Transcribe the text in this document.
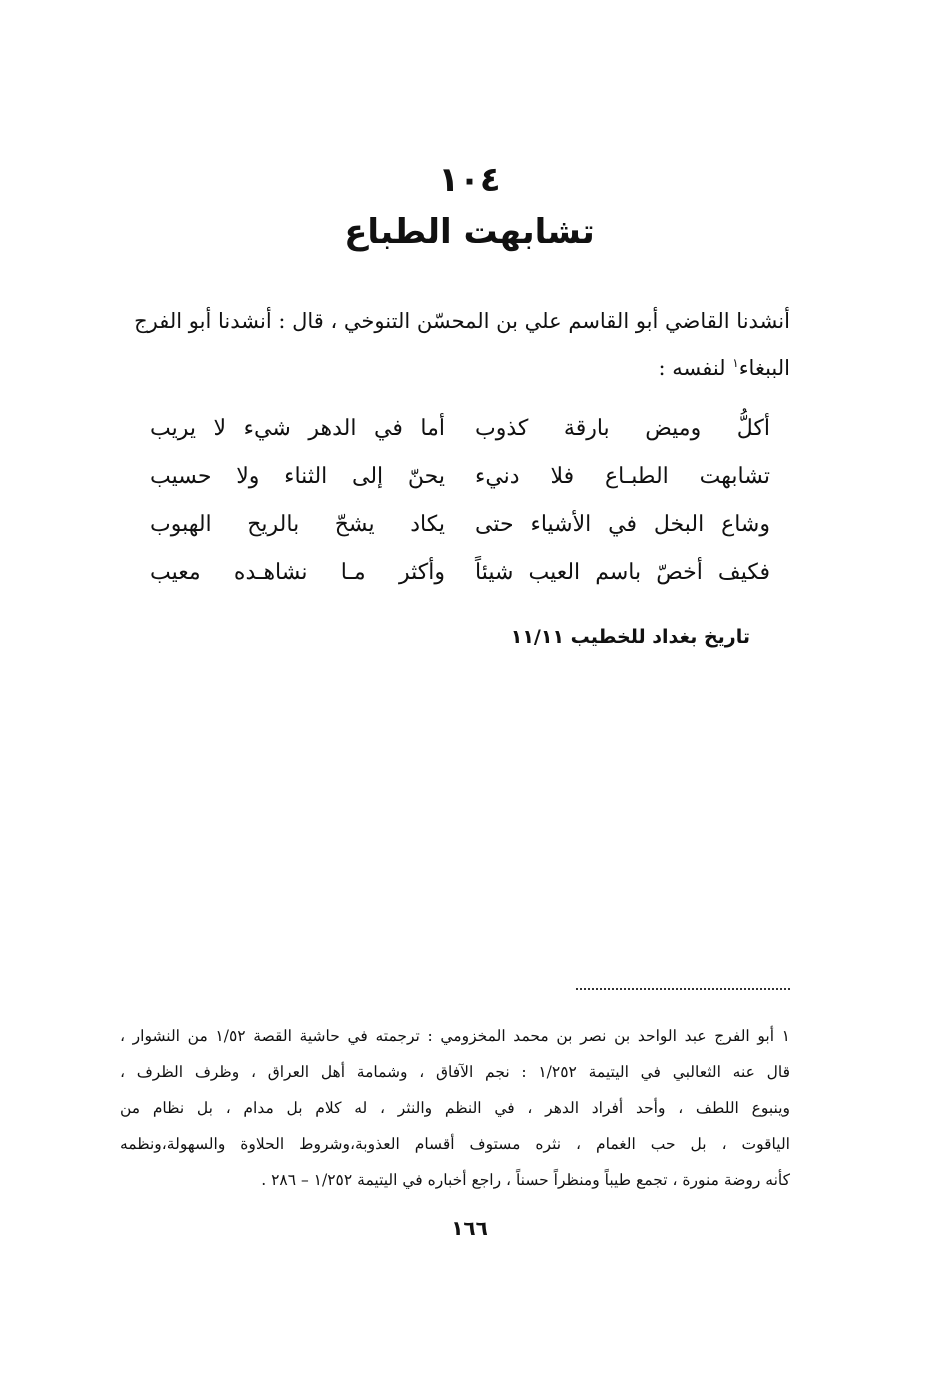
١٠٤
تشابهت الطباع
أنشدنا القاضي أبو القاسم علي بن المحسّن التنوخي ، قال : أنشدنا أبو الفرج الببغاء$^١$ لنفسه :
أكلُّ وميض بارقة كذوب
أما في الدهر شيء لا يريب
تشابهت الطبـاع فلا دنيء
يحنّ إلى الثناء ولا حسيب
وشاع البخل في الأشياء حتى
يكاد يشحّ بالريح الهبوب
فكيف أخصّ باسم العيب شيئاً
وأكثر مـا نشاهـده معيب
تاريخ بغداد للخطيب ١١/١١
١ أبو الفرج عبد الواحد بن نصر بن محمد المخزومي : ترجمته في حاشية القصة ١/٥٢ من النشوار ،
قال عنه الثعالبي في اليتيمة ١/٢٥٢ : نجم الآفاق ، وشمامة أهل العراق ، وظرف الظرف ،
وينبوع اللطف ، وأحد أفراد الدهر ، في النظم والنثر ، له كلام بل مدام ، بل نظام من
الياقوت ، بل حب الغمام ، نثره مستوف أقسام العذوبة،وشروط الحلاوة والسهولة،ونظمه
كأنه روضة منورة ، تجمع طيباً ومنظراً حسناً ، راجع أخباره في اليتيمة ١/٢٥٢ – ٢٨٦ .
١٦٦
